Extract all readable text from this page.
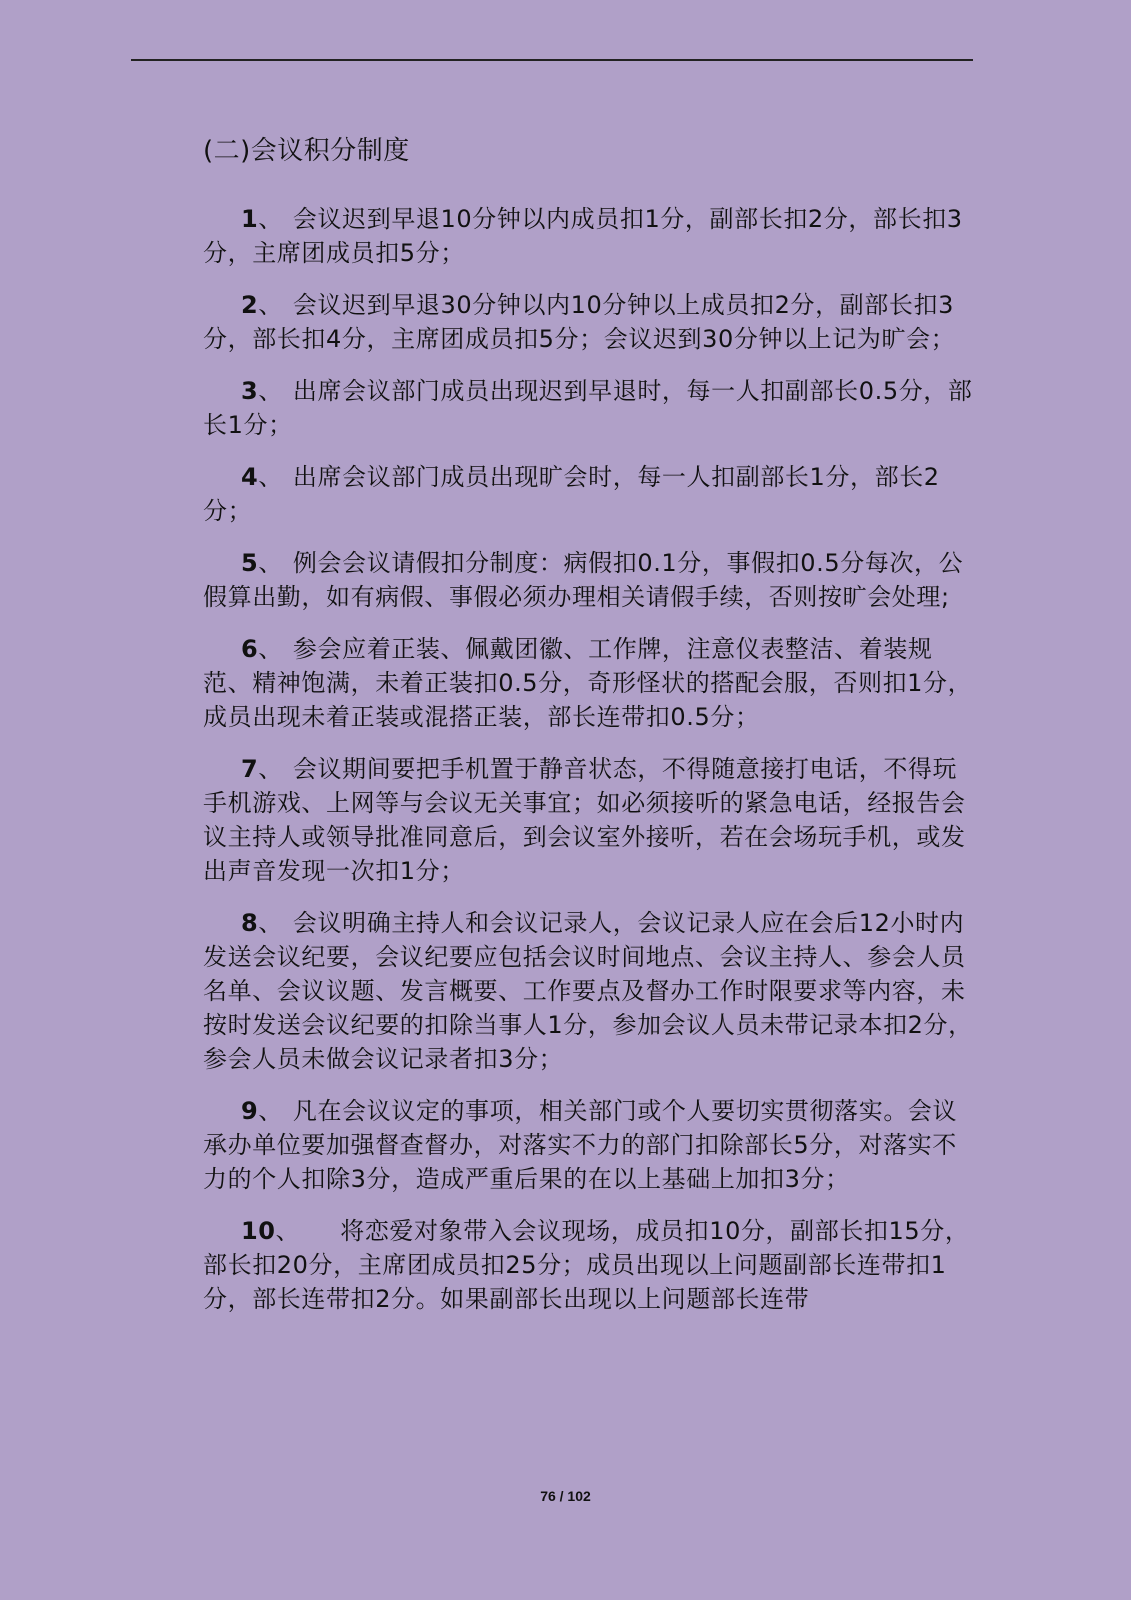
(二)会议积分制度

1、 会议迟到早退10分钟以内成员扣1分，副部长扣2分，部长扣3分，主席团成员扣5分；

2、 会议迟到早退30分钟以内10分钟以上成员扣2分，副部长扣3分，部长扣4分，主席团成员扣5分；会议迟到30分钟以上记为旷会；

3、 出席会议部门成员出现迟到早退时，每一人扣副部长0.5分，部长1分；

4、 出席会议部门成员出现旷会时，每一人扣副部长1分，部长2分；

5、 例会会议请假扣分制度：病假扣0.1分，事假扣0.5分每次，公假算出勤，如有病假、事假必须办理相关请假手续，否则按旷会处理;

6、 参会应着正装、佩戴团徽、工作牌，注意仪表整洁、着装规范、精神饱满，未着正装扣0.5分，奇形怪状的搭配会服，否则扣1分，成员出现未着正装或混搭正装，部长连带扣0.5分；

7、 会议期间要把手机置于静音状态，不得随意接打电话，不得玩手机游戏、上网等与会议无关事宜；如必须接听的紧急电话，经报告会议主持人或领导批准同意后，到会议室外接听，若在会场玩手机，或发出声音发现一次扣1分；

8、 会议明确主持人和会议记录人，会议记录人应在会后12小时内发送会议纪要，会议纪要应包括会议时间地点、会议主持人、参会人员名单、会议议题、发言概要、工作要点及督办工作时限要求等内容，未按时发送会议纪要的扣除当事人1分，参加会议人员未带记录本扣2分，参会人员未做会议记录者扣3分；

9、 凡在会议议定的事项，相关部门或个人要切实贯彻落实。会议承办单位要加强督查督办，对落实不力的部门扣除部长5分，对落实不力的个人扣除3分，造成严重后果的在以上基础上加扣3分；

10、 将恋爱对象带入会议现场，成员扣10分，副部长扣15分，部长扣20分，主席团成员扣25分；成员出现以上问题副部长连带扣1分，部长连带扣2分。如果副部长出现以上问题部长连带

76 / 102
